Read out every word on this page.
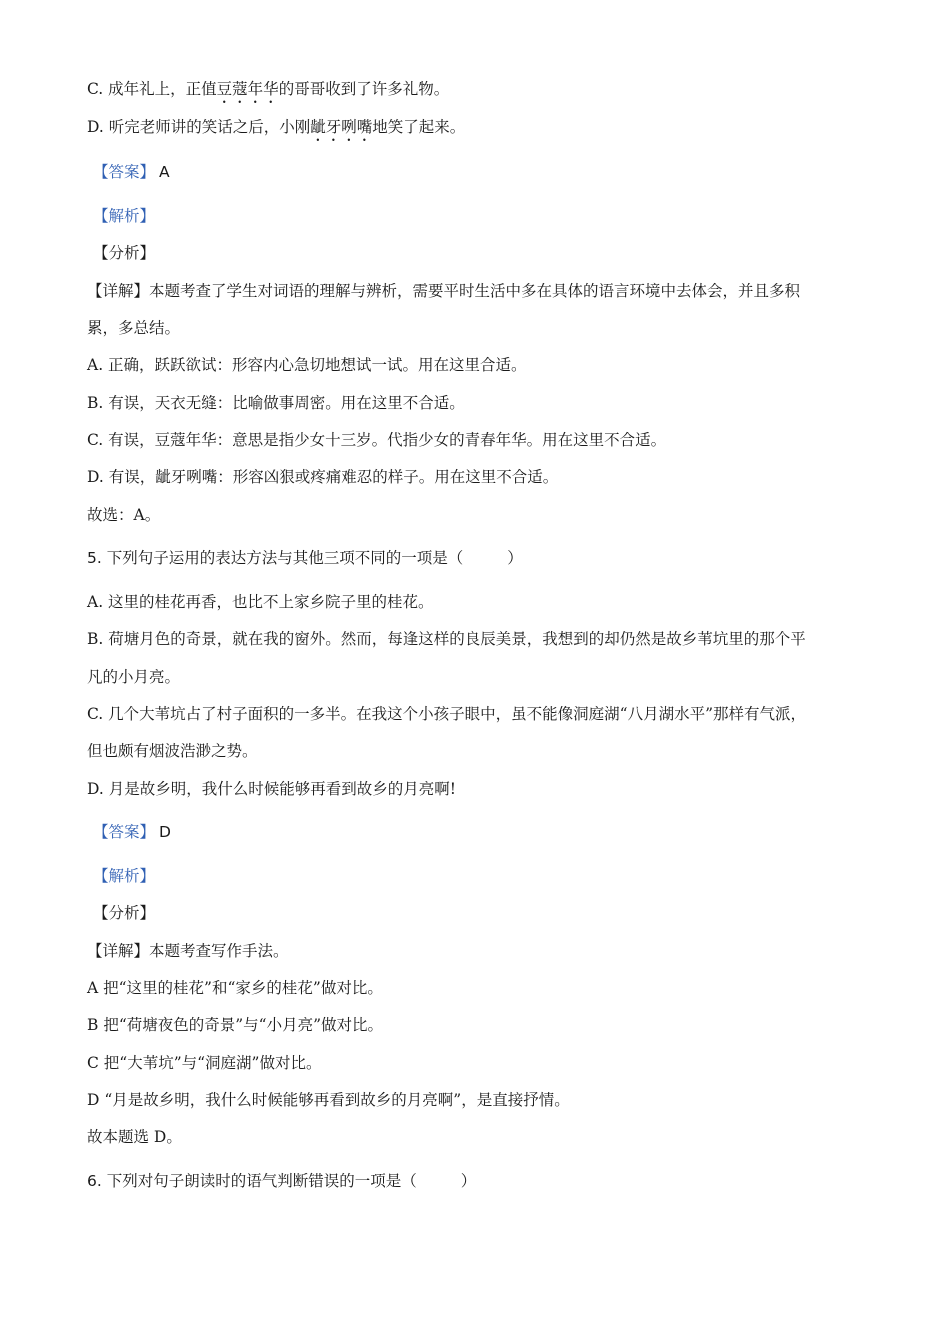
C. 成年礼上，正值豆蔻年华的哥哥收到了许多礼物。
D. 听完老师讲的笑话之后，小刚龇牙咧嘴地笑了起来。
【答案】 A
【解析】
【分析】
【详解】本题考查了学生对词语的理解与辨析，需要平时生活中多在具体的语言环境中去体会，并且多积
累，多总结。
A. 正确，跃跃欲试：形容内心急切地想试一试。用在这里合适。
B. 有误，天衣无缝：比喻做事周密。用在这里不合适。
C. 有误，豆蔻年华：意思是指少女十三岁。代指少女的青春年华。用在这里不合适。
D. 有误，龇牙咧嘴：形容凶狠或疼痛难忍的样子。用在这里不合适。
故选：A。
5. 下列句子运用的表达方法与其他三项不同的一项是（	）
A. 这里的桂花再香，也比不上家乡院子里的桂花。
B. 荷塘月色的奇景，就在我的窗外。然而，每逢这样的良辰美景，我想到的却仍然是故乡苇坑里的那个平
凡的小月亮。
C. 几个大苇坑占了村子面积的一多半。在我这个小孩子眼中，虽不能像洞庭湖“八月湖水平”那样有气派，
但也颇有烟波浩渺之势。
D. 月是故乡明，我什么时候能够再看到故乡的月亮啊!
【答案】 D
【解析】
【分析】
【详解】本题考查写作手法。
A 把“这里的桂花”和“家乡的桂花”做对比。
B 把“荷塘夜色的奇景”与“小月亮”做对比。
C 把“大苇坑”与“洞庭湖”做对比。
D “月是故乡明，我什么时候能够再看到故乡的月亮啊”，是直接抒情。
故本题选 D。
6. 下列对句子朗读时的语气判断错误的一项是（	）
